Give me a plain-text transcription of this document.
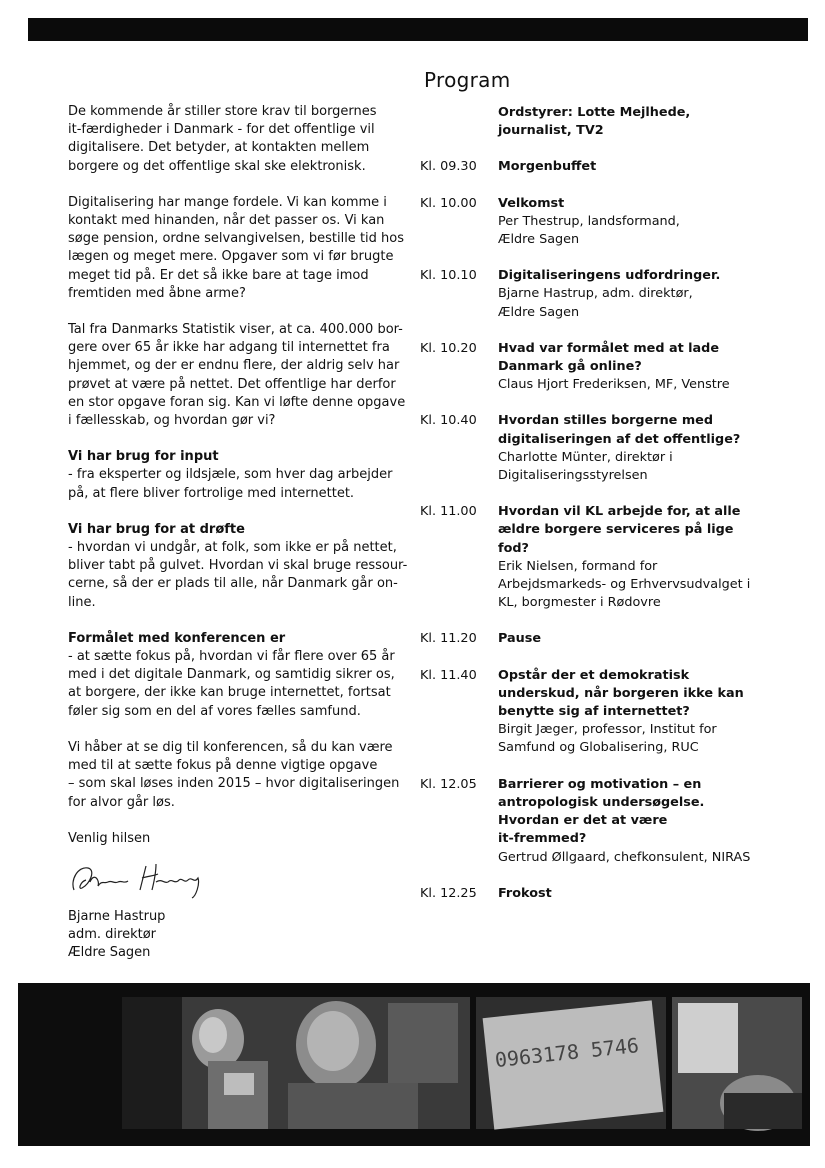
De kommende år stiller store krav til borgernes
it-færdigheder i Danmark - for det offentlige vil
digitalisere. Det betyder, at kontakten mellem
borgere og det offentlige skal ske elektronisk.
Digitalisering har mange fordele. Vi kan komme i
kontakt med hinanden, når det passer os. Vi kan
søge pension, ordne selvangivelsen, bestille tid hos
lægen og meget mere. Opgaver som vi før brugte
meget tid på. Er det så ikke bare at tage imod
fremtiden med åbne arme?
Tal fra Danmarks Statistik viser, at ca. 400.000 bor-
gere over 65 år ikke har adgang til internettet fra
hjemmet, og der er endnu flere, der aldrig selv har
prøvet at være på nettet. Det offentlige har derfor
en stor opgave foran sig. Kan vi løfte denne opgave
i fællesskab, og hvordan gør vi?
Vi har brug for input
- fra eksperter og ildsjæle, som hver dag arbejder
på, at flere bliver fortrolige med internettet.
Vi har brug for at drøfte
- hvordan vi undgår, at folk, som ikke er på nettet,
bliver tabt på gulvet. Hvordan vi skal bruge ressour-
cerne, så der er plads til alle, når Danmark går on-
line.
Formålet med konferencen er
- at sætte fokus på, hvordan vi får flere over 65 år
med i det digitale Danmark, og samtidig sikrer os,
at borgere, der ikke kan bruge internettet, fortsat
føler sig som en del af vores fælles samfund.
Vi håber at se dig til konferencen, så du kan være
med til at sætte fokus på denne vigtige opgave
– som skal løses inden 2015 – hvor digitaliseringen
for alvor går løs.
Venlig hilsen
Bjarne Hastrup
adm. direktør
Ældre Sagen
Program
Ordstyrer: Lotte Mejlhede,
journalist, TV2
Kl. 09.30	Morgenbuffet
Kl. 10.00	Velkomst
Per Thestrup, landsformand,
Ældre Sagen
Kl. 10.10	Digitaliseringens udfordringer.
Bjarne Hastrup, adm. direktør,
Ældre Sagen
Kl. 10.20	Hvad var formålet med at lade
Danmark gå online?
Claus Hjort Frederiksen, MF, Venstre
Kl. 10.40	Hvordan stilles borgerne med
digitaliseringen af det offentlige?
Charlotte Münter, direktør i
Digitaliseringsstyrelsen
Kl. 11.00	Hvordan vil KL arbejde for, at alle
ældre borgere serviceres på lige
fod?
Erik Nielsen, formand for
Arbejdsmarkeds- og Erhvervsudvalget i
KL, borgmester i Rødovre
Kl. 11.20	Pause
Kl. 11.40	Opstår der et demokratisk
underskud, når borgeren ikke kan
benytte sig af internettet?
Birgit Jæger, professor, Institut for
Samfund og Globalisering, RUC
Kl. 12.05	Barrierer og motivation – en
antropologisk undersøgelse.
Hvordan er det at være
it-fremmed?
Gertrud Øllgaard, chefkonsulent, NIRAS
Kl. 12.25	Frokost
0963178 5746
